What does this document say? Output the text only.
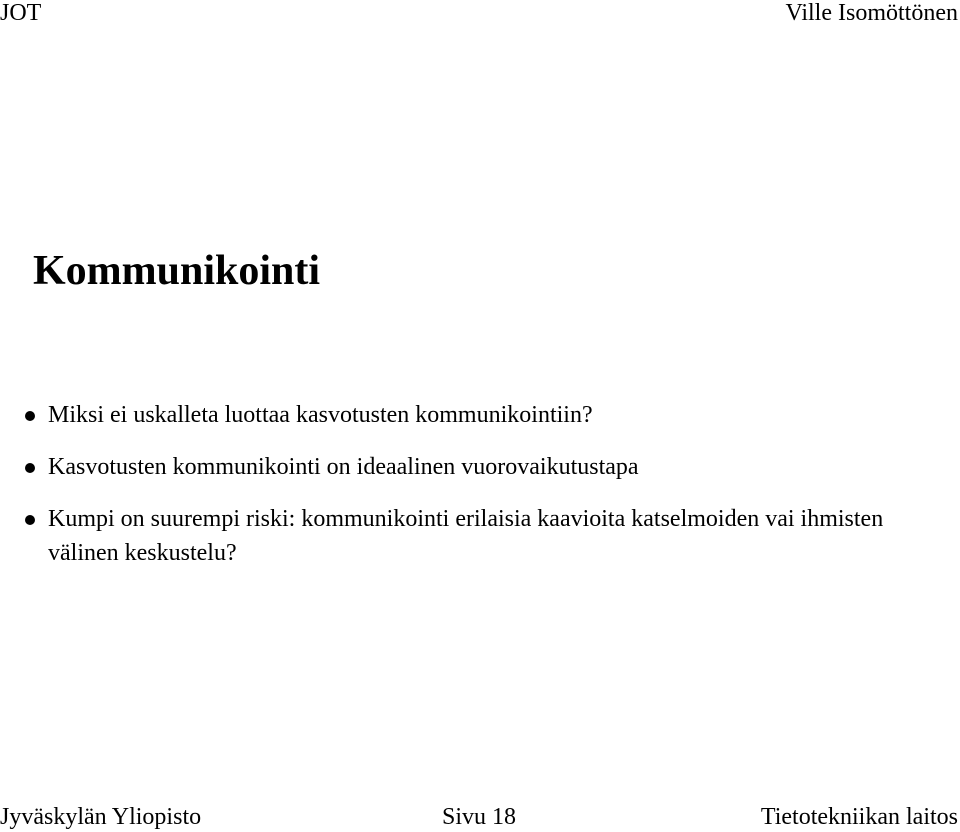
JOT	Ville Isomöttönen
Kommunikointi
Miksi ei uskalleta luottaa kasvotusten kommunikointiin?
Kasvotusten kommunikointi on ideaalinen vuorovaikutustapa
Kumpi on suurempi riski: kommunikointi erilaisia kaavioita katselmoiden vai ihmisten välinen keskustelu?
Jyväskylän Yliopisto	Sivu 18	Tietotekniikan laitos
